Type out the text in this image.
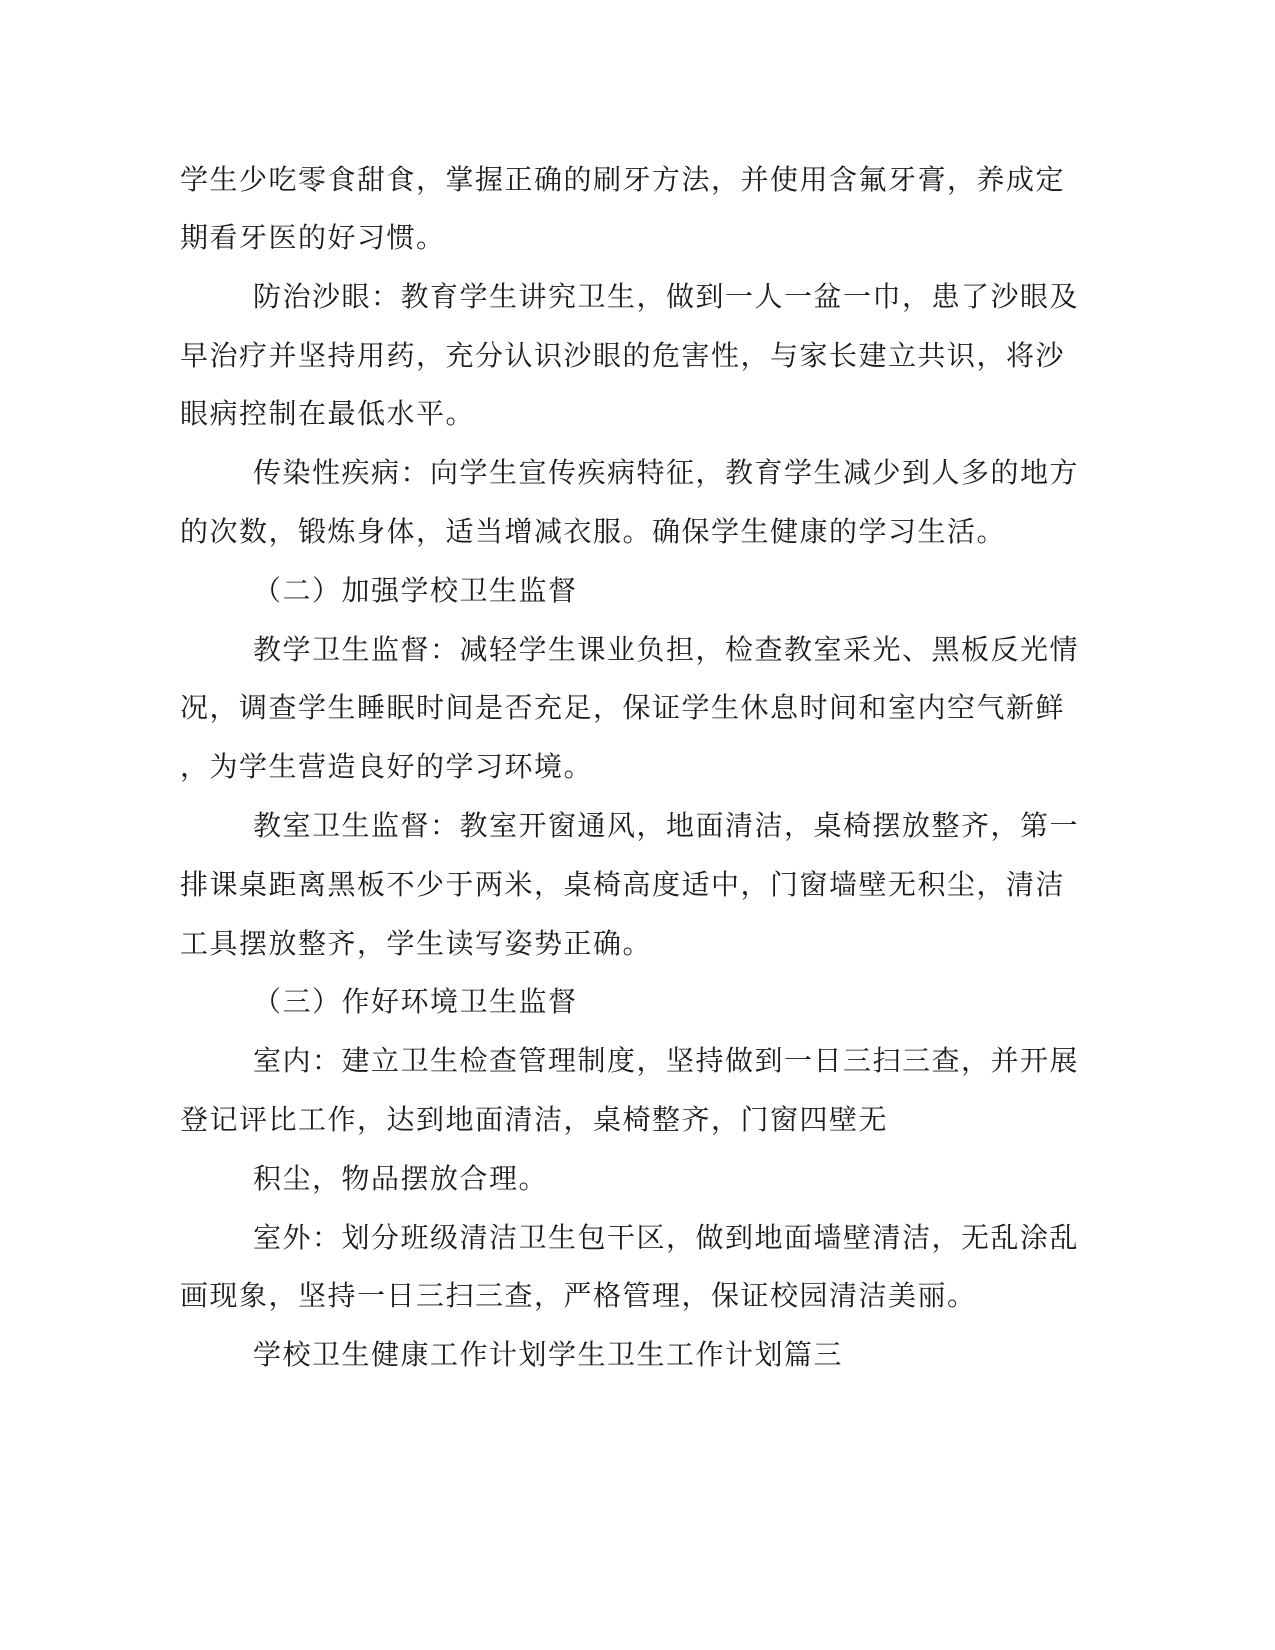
学生少吃零食甜食，掌握正确的刷牙方法，并使用含氟牙膏，养成定
期看牙医的好习惯。
防治沙眼：教育学生讲究卫生，做到一人一盆一巾，患了沙眼及
早治疗并坚持用药，充分认识沙眼的危害性，与家长建立共识，将沙
眼病控制在最低水平。
传染性疾病：向学生宣传疾病特征，教育学生减少到人多的地方
的次数，锻炼身体，适当增减衣服。确保学生健康的学习生活。
（二）加强学校卫生监督
教学卫生监督：减轻学生课业负担，检查教室采光、黑板反光情
况，调查学生睡眠时间是否充足，保证学生休息时间和室内空气新鲜
，为学生营造良好的学习环境。
教室卫生监督：教室开窗通风，地面清洁，桌椅摆放整齐，第一
排课桌距离黑板不少于两米，桌椅高度适中，门窗墙壁无积尘，清洁
工具摆放整齐，学生读写姿势正确。
（三）作好环境卫生监督
室内：建立卫生检查管理制度，坚持做到一日三扫三查，并开展
登记评比工作，达到地面清洁，桌椅整齐，门窗四壁无
积尘，物品摆放合理。
室外：划分班级清洁卫生包干区，做到地面墙壁清洁，无乱涂乱
画现象，坚持一日三扫三查，严格管理，保证校园清洁美丽。
学校卫生健康工作计划学生卫生工作计划篇三
